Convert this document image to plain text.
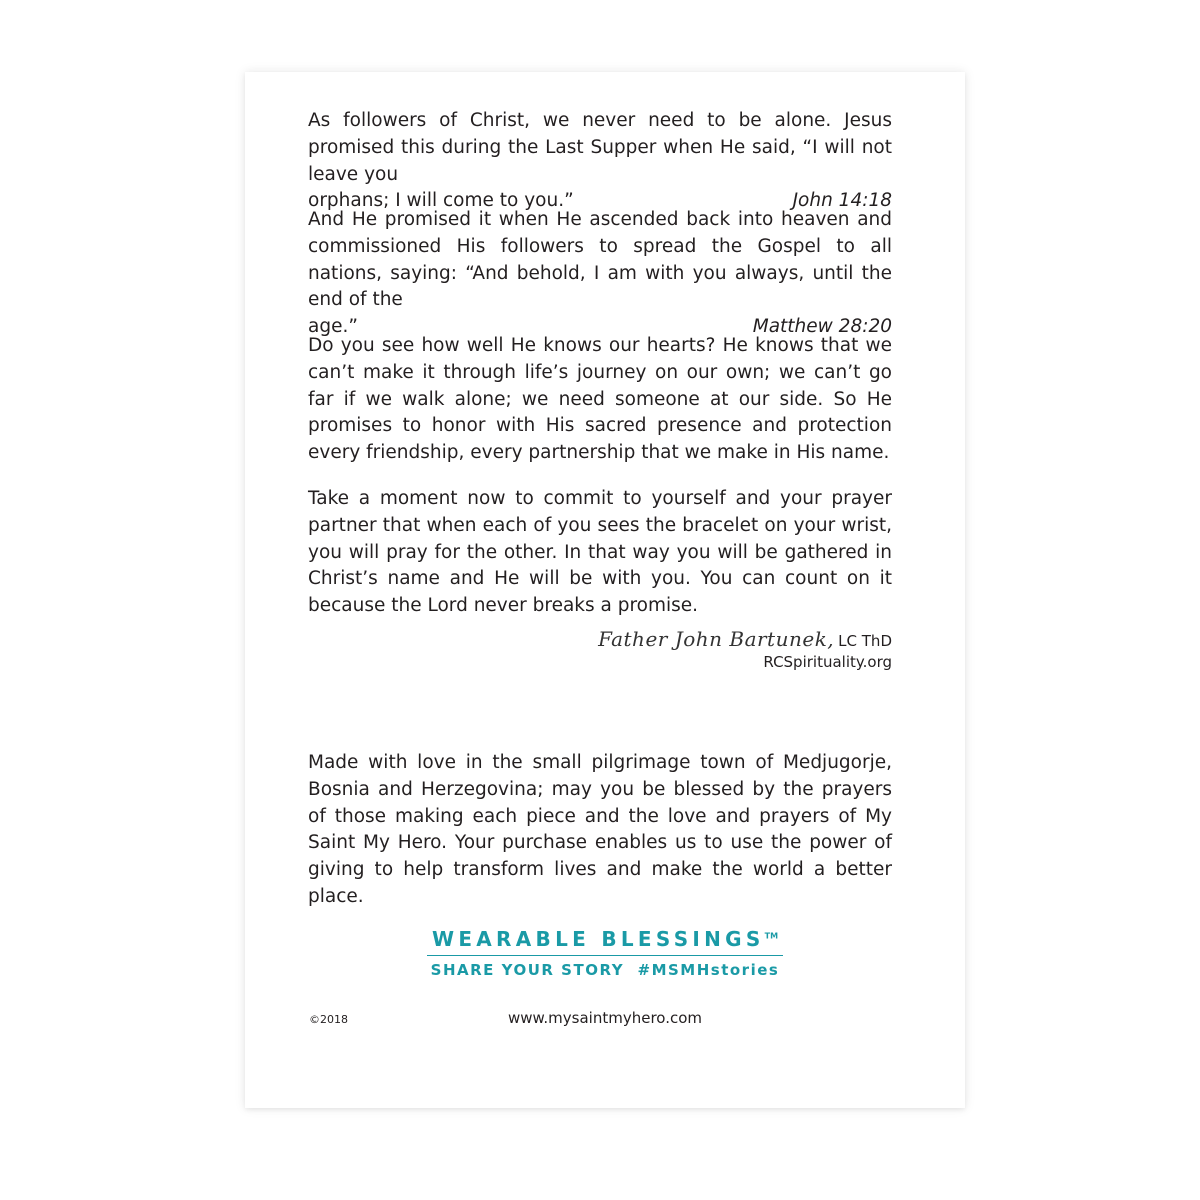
As followers of Christ, we never need to be alone. Jesus promised this during the Last Supper when He said, “I will not leave you
orphans; I will come to you.”	John 14:18
And He promised it when He ascended back into heaven and commissioned His followers to spread the Gospel to all nations, saying: “And behold, I am with you always, until the end of the
age.”	Matthew 28:20

Do you see how well He knows our hearts? He knows that we can’t make it through life’s journey on our own; we can’t go far if we walk alone; we need someone at our side. So He promises to honor with His sacred presence and protection every friendship, every partnership that we make in His name.

Take a moment now to commit to yourself and your prayer partner that when each of you sees the bracelet on your wrist, you will pray for the other. In that way you will be gathered in Christ’s name and He will be with you. You can count on it because the Lord never breaks a promise.

Father John Bartunek, LC ThD
RCSpirituality.org

Made with love in the small pilgrimage town of Medjugorje, Bosnia and Herzegovina; may you be blessed by the prayers of those making each piece and the love and prayers of My Saint My Hero. Your purchase enables us to use the power of giving to help transform lives and make the world a better place.

WEARABLE BLESSINGS™
SHARE YOUR STORY  #MSMHstories
©2018	www.mysaintmyhero.com
